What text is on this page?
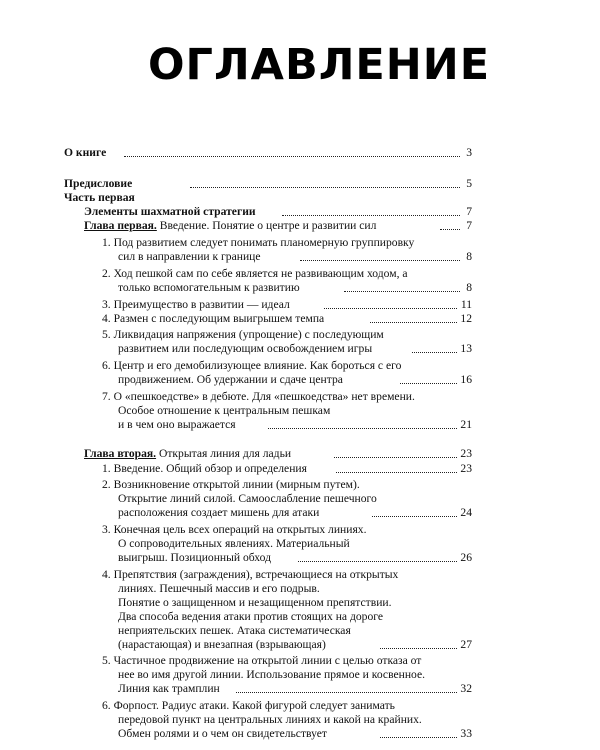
ОГЛАВЛЕНИЕ
О книге	3
Предисловие	5
Часть первая
Элементы шахматной стратегии	7
Глава первая. Введение. Понятие о центре и развитии сил	7
1. Под развитием следует понимать планомерную группировку
сил в направлении к границе	8
2. Ход пешкой сам по себе является не развивающим ходом, а
только вспомогательным к развитию	8
3. Преимущество в развитии — идеал	11
4. Размен с последующим выигрышем темпа	12
5. Ликвидация напряжения (упрощение) с последующим
развитием или последующим освобождением игры	13
6. Центр и его демобилизующее влияние. Как бороться с его
продвижением. Об удержании и сдаче центра	16
7. О «пешкоедстве» в дебюте. Для «пешкоедства» нет времени.
Особое отношение к центральным пешкам
и в чем оно выражается	21
Глава вторая. Открытая линия для ладьи	23
1. Введение. Общий обзор и определения	23
2. Возникновение открытой линии (мирным путем).
Открытие линий силой. Самоослабление пешечного
расположения создает мишень для атаки	24
3. Конечная цель всех операций на открытых линиях.
О сопроводительных явлениях. Материальный
выигрыш. Позиционный обход	26
4. Препятствия (заграждения), встречающиеся на открытых
линиях. Пешечный массив и его подрыв.
Понятие о защищенном и незащищенном препятствии.
Два способа ведения атаки против стоящих на дороге
неприятельских пешек. Атака систематическая
(нарастающая) и внезапная (взрывающая)	27
5. Частичное продвижение на открытой линии с целью отказа от
нее во имя другой линии. Использование прямое и косвенное.
Линия как трамплин	32
6. Форпост. Радиус атаки. Какой фигурой следует занимать
передовой пункт на центральных линиях и какой на крайних.
Обмен ролями и о чем он свидетельствует	33
